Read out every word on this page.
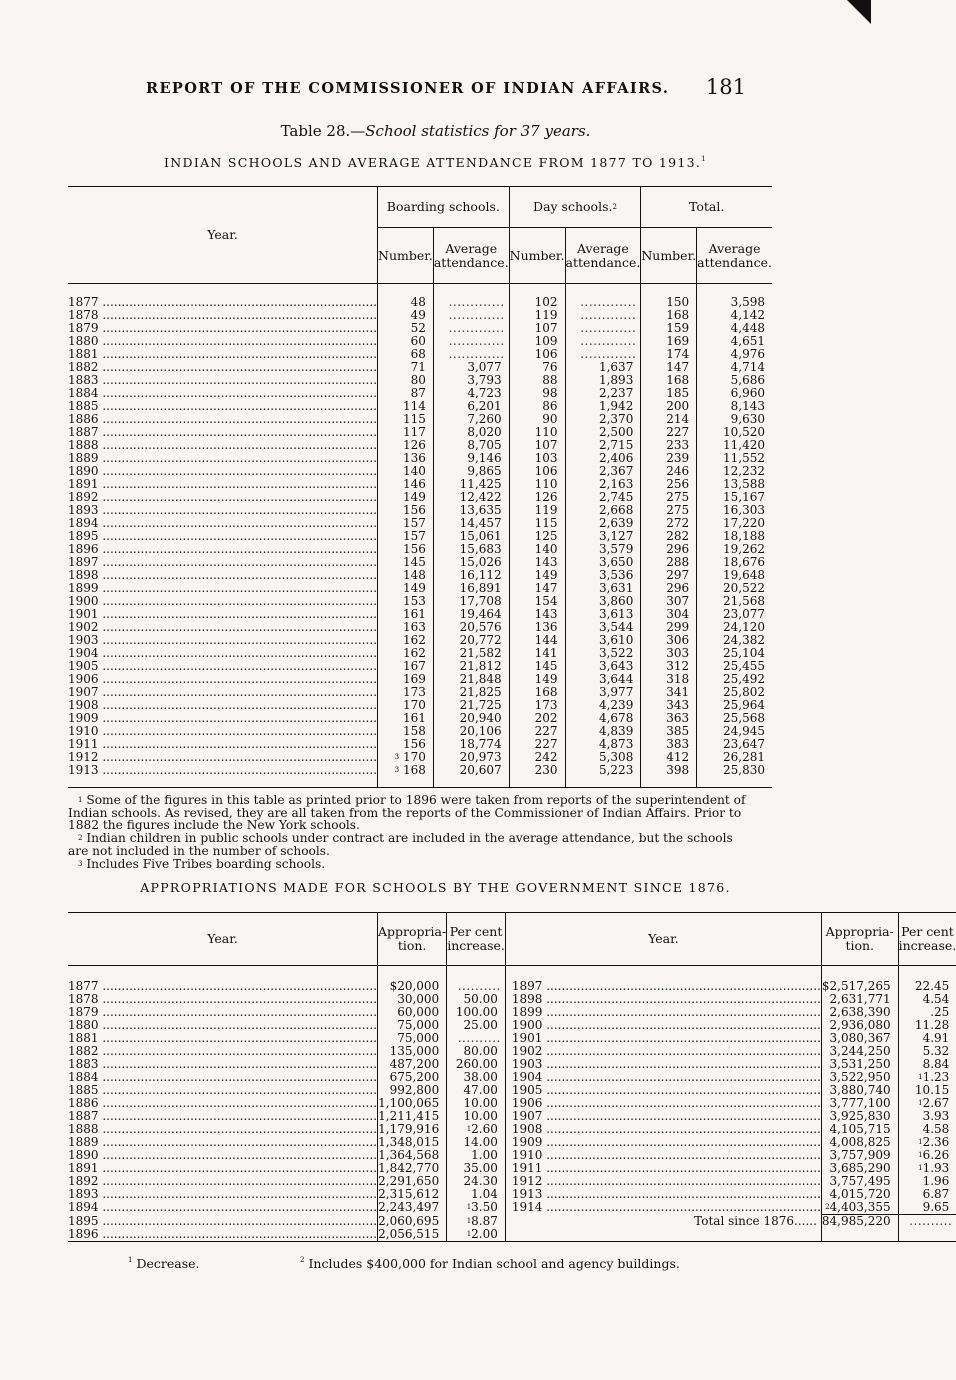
REPORT OF THE COMMISSIONER OF INDIAN AFFAIRS. 181
Table 28.—School statistics for 37 years.
INDIAN SCHOOLS AND AVERAGE ATTENDANCE FROM 1877 TO 1913.$^1$
Year.	Boarding schools.		Day schools.$^2$		Total.	
	Number.	Average attendance.	Number.	Average attendance.	Number.	Average attendance.
1877 .....	48	.............	102	.............	150	3,598
1878 .....	49	.............	119	.............	168	4,142
1879 .....	52	.............	107	.............	159	4,448
1880 .....	60	.............	109	.............	169	4,651
1881 .....	68	.............	106	.............	174	4,976
1882 .....	71	3,077	76	1,637	147	4,714
1883 .....	80	3,793	88	1,893	168	5,686
1884 .....	87	4,723	98	2,237	185	6,960
1885 .....	114	6,201	86	1,942	200	8,143
1886 .....	115	7,260	90	2,370	214	9,630
1887 .....	117	8,020	110	2,500	227	10,520
1888 .....	126	8,705	107	2,715	233	11,420
1889 .....	136	9,146	103	2,406	239	11,552
1890 .....	140	9,865	106	2,367	246	12,232
1891 .....	146	11,425	110	2,163	256	13,588
1892 .....	149	12,422	126	2,745	275	15,167
1893 .....	156	13,635	119	2,668	275	16,303
1894 .....	157	14,457	115	2,639	272	17,220
1895 .....	157	15,061	125	3,127	282	18,188
1896 .....	156	15,683	140	3,579	296	19,262
1897 .....	145	15,026	143	3,650	288	18,676
1898 .....	148	16,112	149	3,536	297	19,648
1899 .....	149	16,891	147	3,631	296	20,522
1900 .....	153	17,708	154	3,860	307	21,568
1901 .....	161	19,464	143	3,613	304	23,077
1902 .....	163	20,576	136	3,544	299	24,120
1903 .....	162	20,772	144	3,610	306	24,382
1904 .....	162	21,582	141	3,522	303	25,104
1905 .....	167	21,812	145	3,643	312	25,455
1906 .....	169	21,848	149	3,644	318	25,492
1907 .....	173	21,825	168	3,977	341	25,802
1908 .....	170	21,725	173	4,239	343	25,964
1909 .....	161	20,940	202	4,678	363	25,568
1910 .....	158	20,106	227	4,839	385	24,945
1911 .....	156	18,774	227	4,873	383	23,647
1912 .....	$^3$ 170	20,973	242	5,308	412	26,281
1913 .....	$^3$ 168	20,607	230	5,223	398	25,830

$^1$ Some of the figures in this table as printed prior to 1896 were taken from reports of the superintendent of Indian schools. As revised, they are all taken from the reports of the Commissioner of Indian Affairs. Prior to 1882 the figures include the New York schools.

$^2$ Indian children in public schools under contract are included in the average attendance, but the schools are not included in the number of schools.

$^3$ Includes Five Tribes boarding schools.

APPROPRIATIONS MADE FOR SCHOOLS BY THE GOVERNMENT SINCE 1876.
Year.	Appropria-tion.	Per cent increase.	Year.	Appropria-tion.	Per cent increase.
1877 .....	$20,000	..........	1897 .....	$2,517,265	22.45
1878 .....	30,000	50.00	1898 .....	2,631,771	4.54
1879 .....	60,000	100.00	1899 .....	2,638,390	.25
1880 .....	75,000	25.00	1900 .....	2,936,080	11.28
1881 .....	75,000	..........	1901 .....	3,080,367	4.91
1882 .....	135,000	80.00	1902 .....	3,244,250	5.32
1883 .....	487,200	260.00	1903 .....	3,531,250	8.84
1884 .....	675,200	38.00	1904 .....	3,522,950	$^1$1.23
1885 .....	992,800	47.00	1905 .....	3,880,740	10.15
1886 .....	1,100,065	10.00	1906 .....	3,777,100	$^1$2.67
1887 .....	1,211,415	10.00	1907 .....	3,925,830	3.93
1888 .....	1,179,916	$^1$2.60	1908 .....	4,105,715	4.58
1889 .....	1,348,015	14.00	1909 .....	4,008,825	$^1$2.36
1890 .....	1,364,568	1.00	1910 .....	3,757,909	$^1$6.26
1891 .....	1,842,770	35.00	1911 .....	3,685,290	$^1$1.93
1892 .....	2,291,650	24.30	1912 .....	3,757,495	1.96
1893 .....	2,315,612	1.04	1913 .....	4,015,720	6.87
1894 .....	2,243,497	$^1$3.50	1914 .....	$^2$4,403,355	9.65
1895 .....	2,060,695	$^1$8.87	Total since 1876......	84,985,220	..........
1896 .....	2,056,515	$^1$2.00			

$^1$ Decrease.	$^2$ Includes $400,000 for Indian school and agency buildings.
